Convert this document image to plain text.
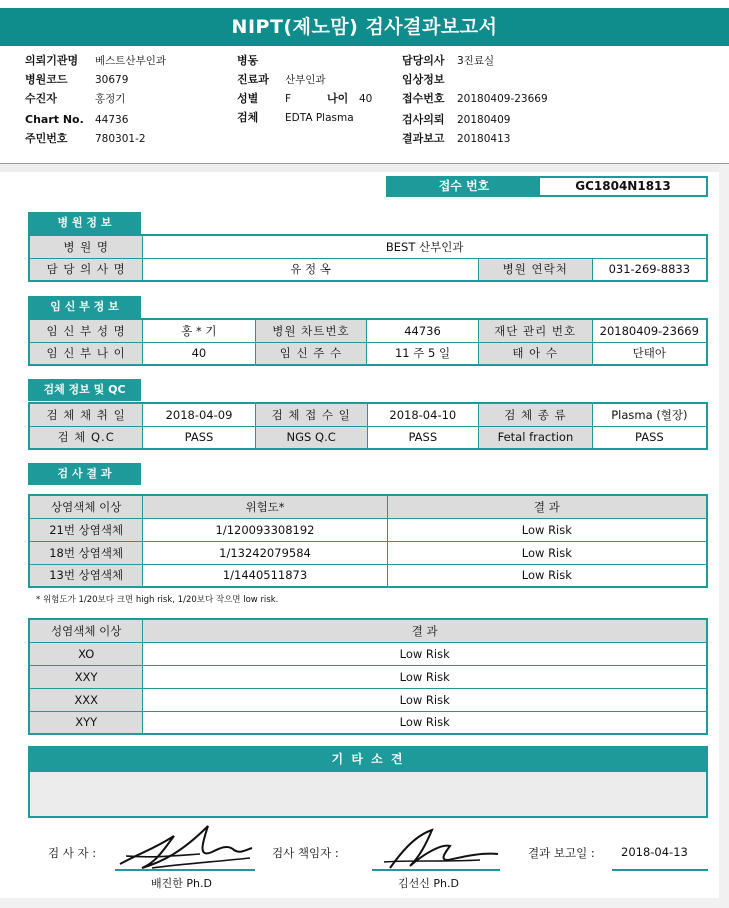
NIPT(제노맘) 검사결과보고서
의뢰기관명 베스트산부인과
병원코드	30679
수진자	홍정기
Chart No. 44736
주민번호	780301-2
병동
진료과 산부인과
성별	F	나이 40
검체	EDTA Plasma
담당의사 3진료실
임상정보
접수번호 20180409-23669
검사의뢰 20180409
결과보고 20180413
접수 번호	GC1804N1813
병 원 정 보
병 원 명	BEST 산부인과		
담 당 의 사 명	유 정 옥	병원 연락처	031-269-8833
임 신 부 정 보
임 신 부 성 명	홍 * 기	병원 차트번호	44736	재단 관리 번호	20180409-23669
임 신 부 나 이	40	임 신 주 수	11 주 5 일	태 아 수	단태아
검체 정보 및 QC
검 체 채 취 일	2018-04-09	검 체 접 수 일	2018-04-10	검 체 종 류	Plasma (혈장)
검 체 Q.C	PASS	NGS Q.C	PASS	Fetal fraction	PASS
검 사 결 과
상염색체 이상	위험도*	결 과
21번 상염색체	1/120093308192	Low Risk
18번 상염색체	1/13242079584	Low Risk
13번 상염색체	1/1440511873	Low Risk
* 위험도가 1/20보다 크면 high risk, 1/20보다 작으면 low risk.
성염색체 이상	결 과
XO	Low Risk
XXY	Low Risk
XXX	Low Risk
XYY	Low Risk
기 타 소 견
검 사 자 :
배진한 Ph.D
검사 책임자 :
김선신 Ph.D
결과 보고일 : 2018-04-13
